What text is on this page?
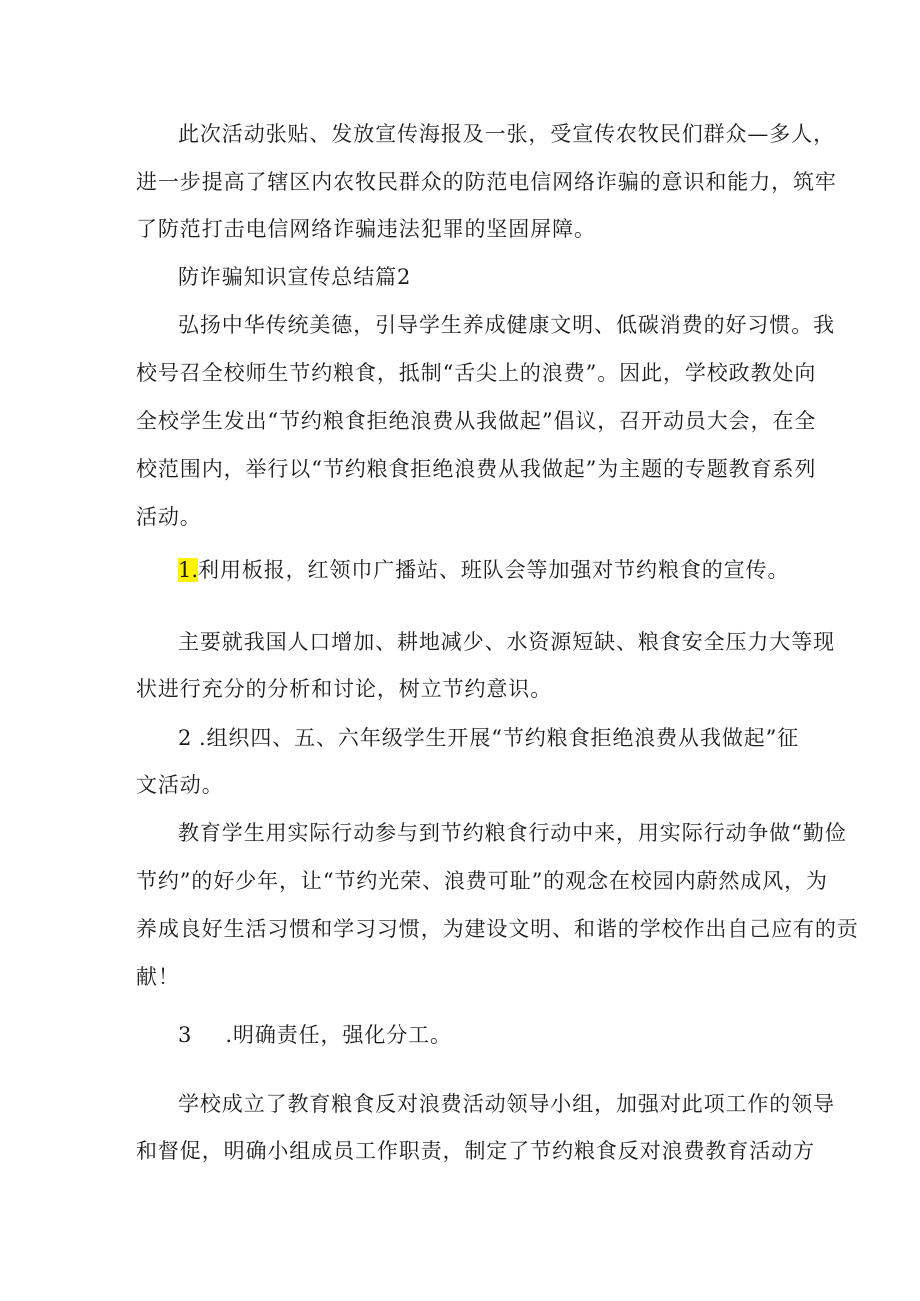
此次活动张贴、发放宣传海报及一张，受宣传农牧民们群众—多人，
进一步提高了辖区内农牧民群众的防范电信网络诈骗的意识和能力，筑牢
了防范打击电信网络诈骗违法犯罪的坚固屏障。
防诈骗知识宣传总结篇2
弘扬中华传统美德，引导学生养成健康文明、低碳消费的好习惯。我
校号召全校师生节约粮食，抵制“舌尖上的浪费”。因此，学校政教处向
全校学生发出“节约粮食拒绝浪费从我做起”倡议，召开动员大会，在全
校范围内，举行以“节约粮食拒绝浪费从我做起”为主题的专题教育系列
活动。
1.利用板报，红领巾广播站、班队会等加强对节约粮食的宣传。
主要就我国人口增加、耕地减少、水资源短缺、粮食安全压力大等现
状进行充分的分析和讨论，树立节约意识。
2 .组织四、五、六年级学生开展“节约粮食拒绝浪费从我做起”征
文活动。
教育学生用实际行动参与到节约粮食行动中来，用实际行动争做“勤俭
节约”的好少年，让“节约光荣、浪费可耻”的观念在校园内蔚然成风，为
养成良好生活习惯和学习习惯，为建设文明、和谐的学校作出自己应有的贡
献！
3 .明确责任，强化分工。
学校成立了教育粮食反对浪费活动领导小组，加强对此项工作的领导
和督促，明确小组成员工作职责，制定了节约粮食反对浪费教育活动方
